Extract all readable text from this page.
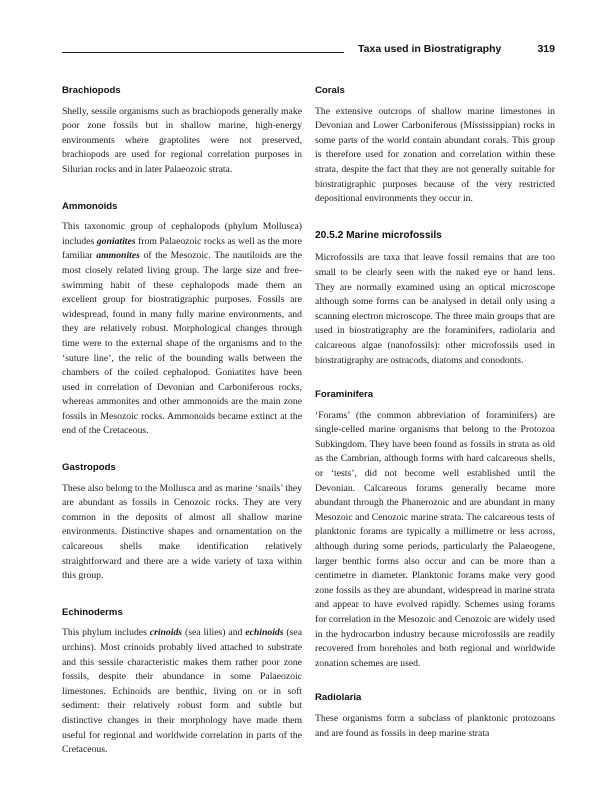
Taxa used in Biostratigraphy	319
Brachiopods

Shelly, sessile organisms such as brachiopods generally make poor zone fossils but in shallow marine, high-energy environments where graptolites were not preserved, brachiopods are used for regional correlation purposes in Silurian rocks and in later Palaeozoic strata.

Ammonoids

This taxonomic group of cephalopods (phylum Mollusca) includes goniatites from Palaeozoic rocks as well as the more familiar ammonites of the Mesozoic. The nautiloids are the most closely related living group. The large size and free-swimming habit of these cephalopods made them an excellent group for biostratigraphic purposes. Fossils are widespread, found in many fully marine environments, and they are relatively robust. Morphological changes through time were to the external shape of the organisms and to the ‘suture line’, the relic of the bounding walls between the chambers of the coiled cephalopod. Goniatites have been used in correlation of Devonian and Carboniferous rocks, whereas ammonites and other ammonoids are the main zone fossils in Mesozoic rocks. Ammonoids became extinct at the end of the Cretaceous.

Gastropods

These also belong to the Mollusca and as marine ‘snails’ they are abundant as fossils in Cenozoic rocks. They are very common in the deposits of almost all shallow marine environments. Distinctive shapes and ornamentation on the calcareous shells make identification relatively straightforward and there are a wide variety of taxa within this group.

Echinoderms

This phylum includes crinoids (sea lilies) and echinoids (sea urchins). Most crinoids probably lived attached to substrate and this sessile characteristic makes them rather poor zone fossils, despite their abundance in some Palaeozoic limestones. Echinoids are benthic, living on or in soft sediment: their relatively robust form and subtle but distinctive changes in their morphology have made them useful for regional and worldwide correlation in parts of the Cretaceous.

Corals

The extensive outcrops of shallow marine limestones in Devonian and Lower Carboniferous (Mississippian) rocks in some parts of the world contain abundant corals. This group is therefore used for zonation and correlation within these strata, despite the fact that they are not generally suitable for biostratigraphic purposes because of the very restricted depositional environments they occur in.

20.5.2 Marine microfossils

Microfossils are taxa that leave fossil remains that are too small to be clearly seen with the naked eye or hand lens. They are normally examined using an optical microscope although some forms can be analysed in detail only using a scanning electron microscope. The three main groups that are used in biostratigraphy are the foraminifers, radiolaria and calcareous algae (nanofossils): other microfossils used in biostratigraphy are ostracods, diatoms and conodonts.

Foraminifera

‘Forams’ (the common abbreviation of foraminifers) are single-celled marine organisms that belong to the Protozoa Subkingdom. They have been found as fossils in strata as old as the Cambrian, although forms with hard calcareous shells, or ‘tests’, did not become well established until the Devonian. Calcareous forams generally became more abundant through the Phanerozoic and are abundant in many Mesozoic and Cenozoic marine strata. The calcareous tests of planktonic forams are typically a millimetre or less across, although during some periods, particularly the Palaeogene, larger benthic forms also occur and can be more than a centimetre in diameter. Planktonic forams make very good zone fossils as they are abundant, widespread in marine strata and appear to have evolved rapidly. Schemes using forams for correlation in the Mesozoic and Cenozoic are widely used in the hydrocarbon industry because microfossils are readily recovered from boreholes and both regional and worldwide zonation schemes are used.

Radiolaria

These organisms form a subclass of planktonic protozoans and are found as fossils in deep marine strata
